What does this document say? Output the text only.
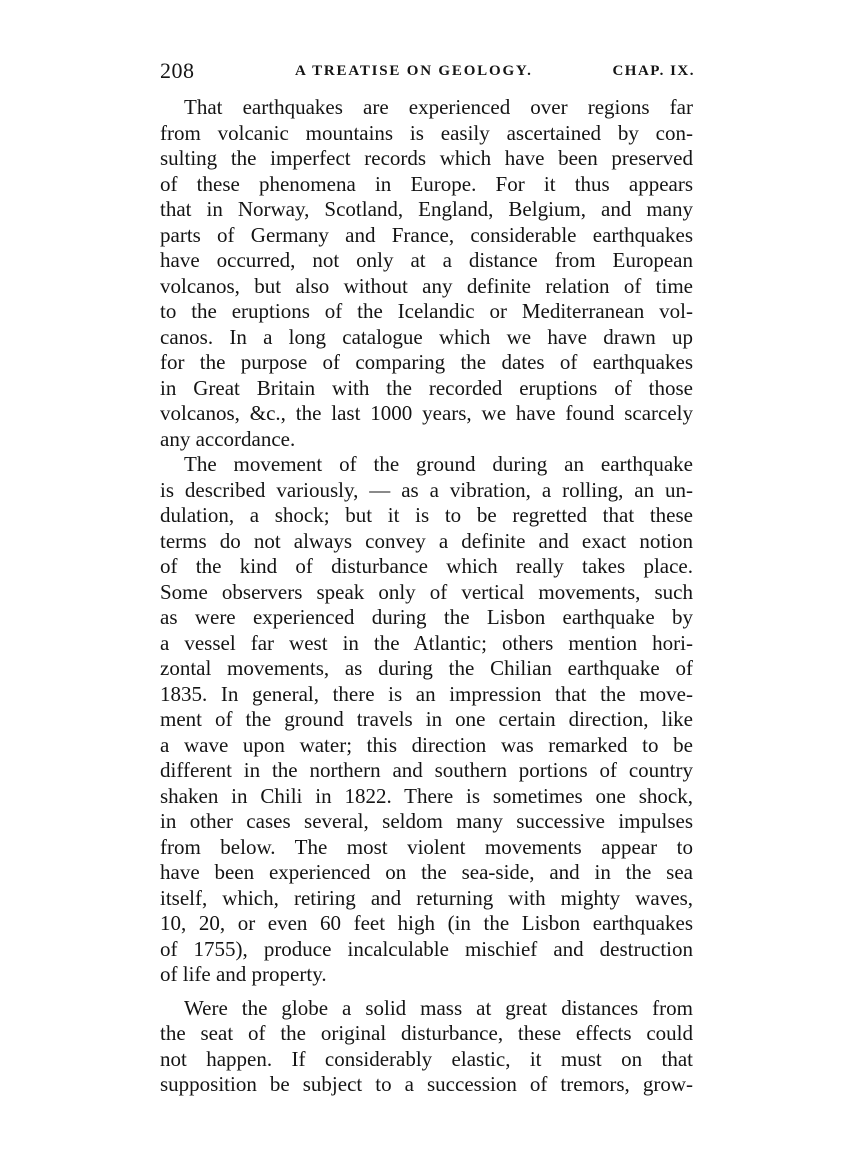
208	A TREATISE ON GEOLOGY.	CHAP. IX.
That earthquakes are experienced over regions far
from volcanic mountains is easily ascertained by con-
sulting the imperfect records which have been preserved
of these phenomena in Europe. For it thus appears
that in Norway, Scotland, England, Belgium, and many
parts of Germany and France, considerable earthquakes
have occurred, not only at a distance from European
volcanos, but also without any definite relation of time
to the eruptions of the Icelandic or Mediterranean vol-
canos. In a long catalogue which we have drawn up
for the purpose of comparing the dates of earthquakes
in Great Britain with the recorded eruptions of those
volcanos, &c., the last 1000 years, we have found scarcely
any accordance.
The movement of the ground during an earthquake
is described variously, — as a vibration, a rolling, an un-
dulation, a shock; but it is to be regretted that these
terms do not always convey a definite and exact notion
of the kind of disturbance which really takes place.
Some observers speak only of vertical movements, such
as were experienced during the Lisbon earthquake by
a vessel far west in the Atlantic; others mention hori-
zontal movements, as during the Chilian earthquake of
1835. In general, there is an impression that the move-
ment of the ground travels in one certain direction, like
a wave upon water; this direction was remarked to be
different in the northern and southern portions of country
shaken in Chili in 1822. There is sometimes one shock,
in other cases several, seldom many successive impulses
from below. The most violent movements appear to
have been experienced on the sea-side, and in the sea
itself, which, retiring and returning with mighty waves,
10, 20, or even 60 feet high (in the Lisbon earthquakes
of 1755), produce incalculable mischief and destruction
of life and property.
Were the globe a solid mass at great distances from
the seat of the original disturbance, these effects could
not happen. If considerably elastic, it must on that
supposition be subject to a succession of tremors, grow-
